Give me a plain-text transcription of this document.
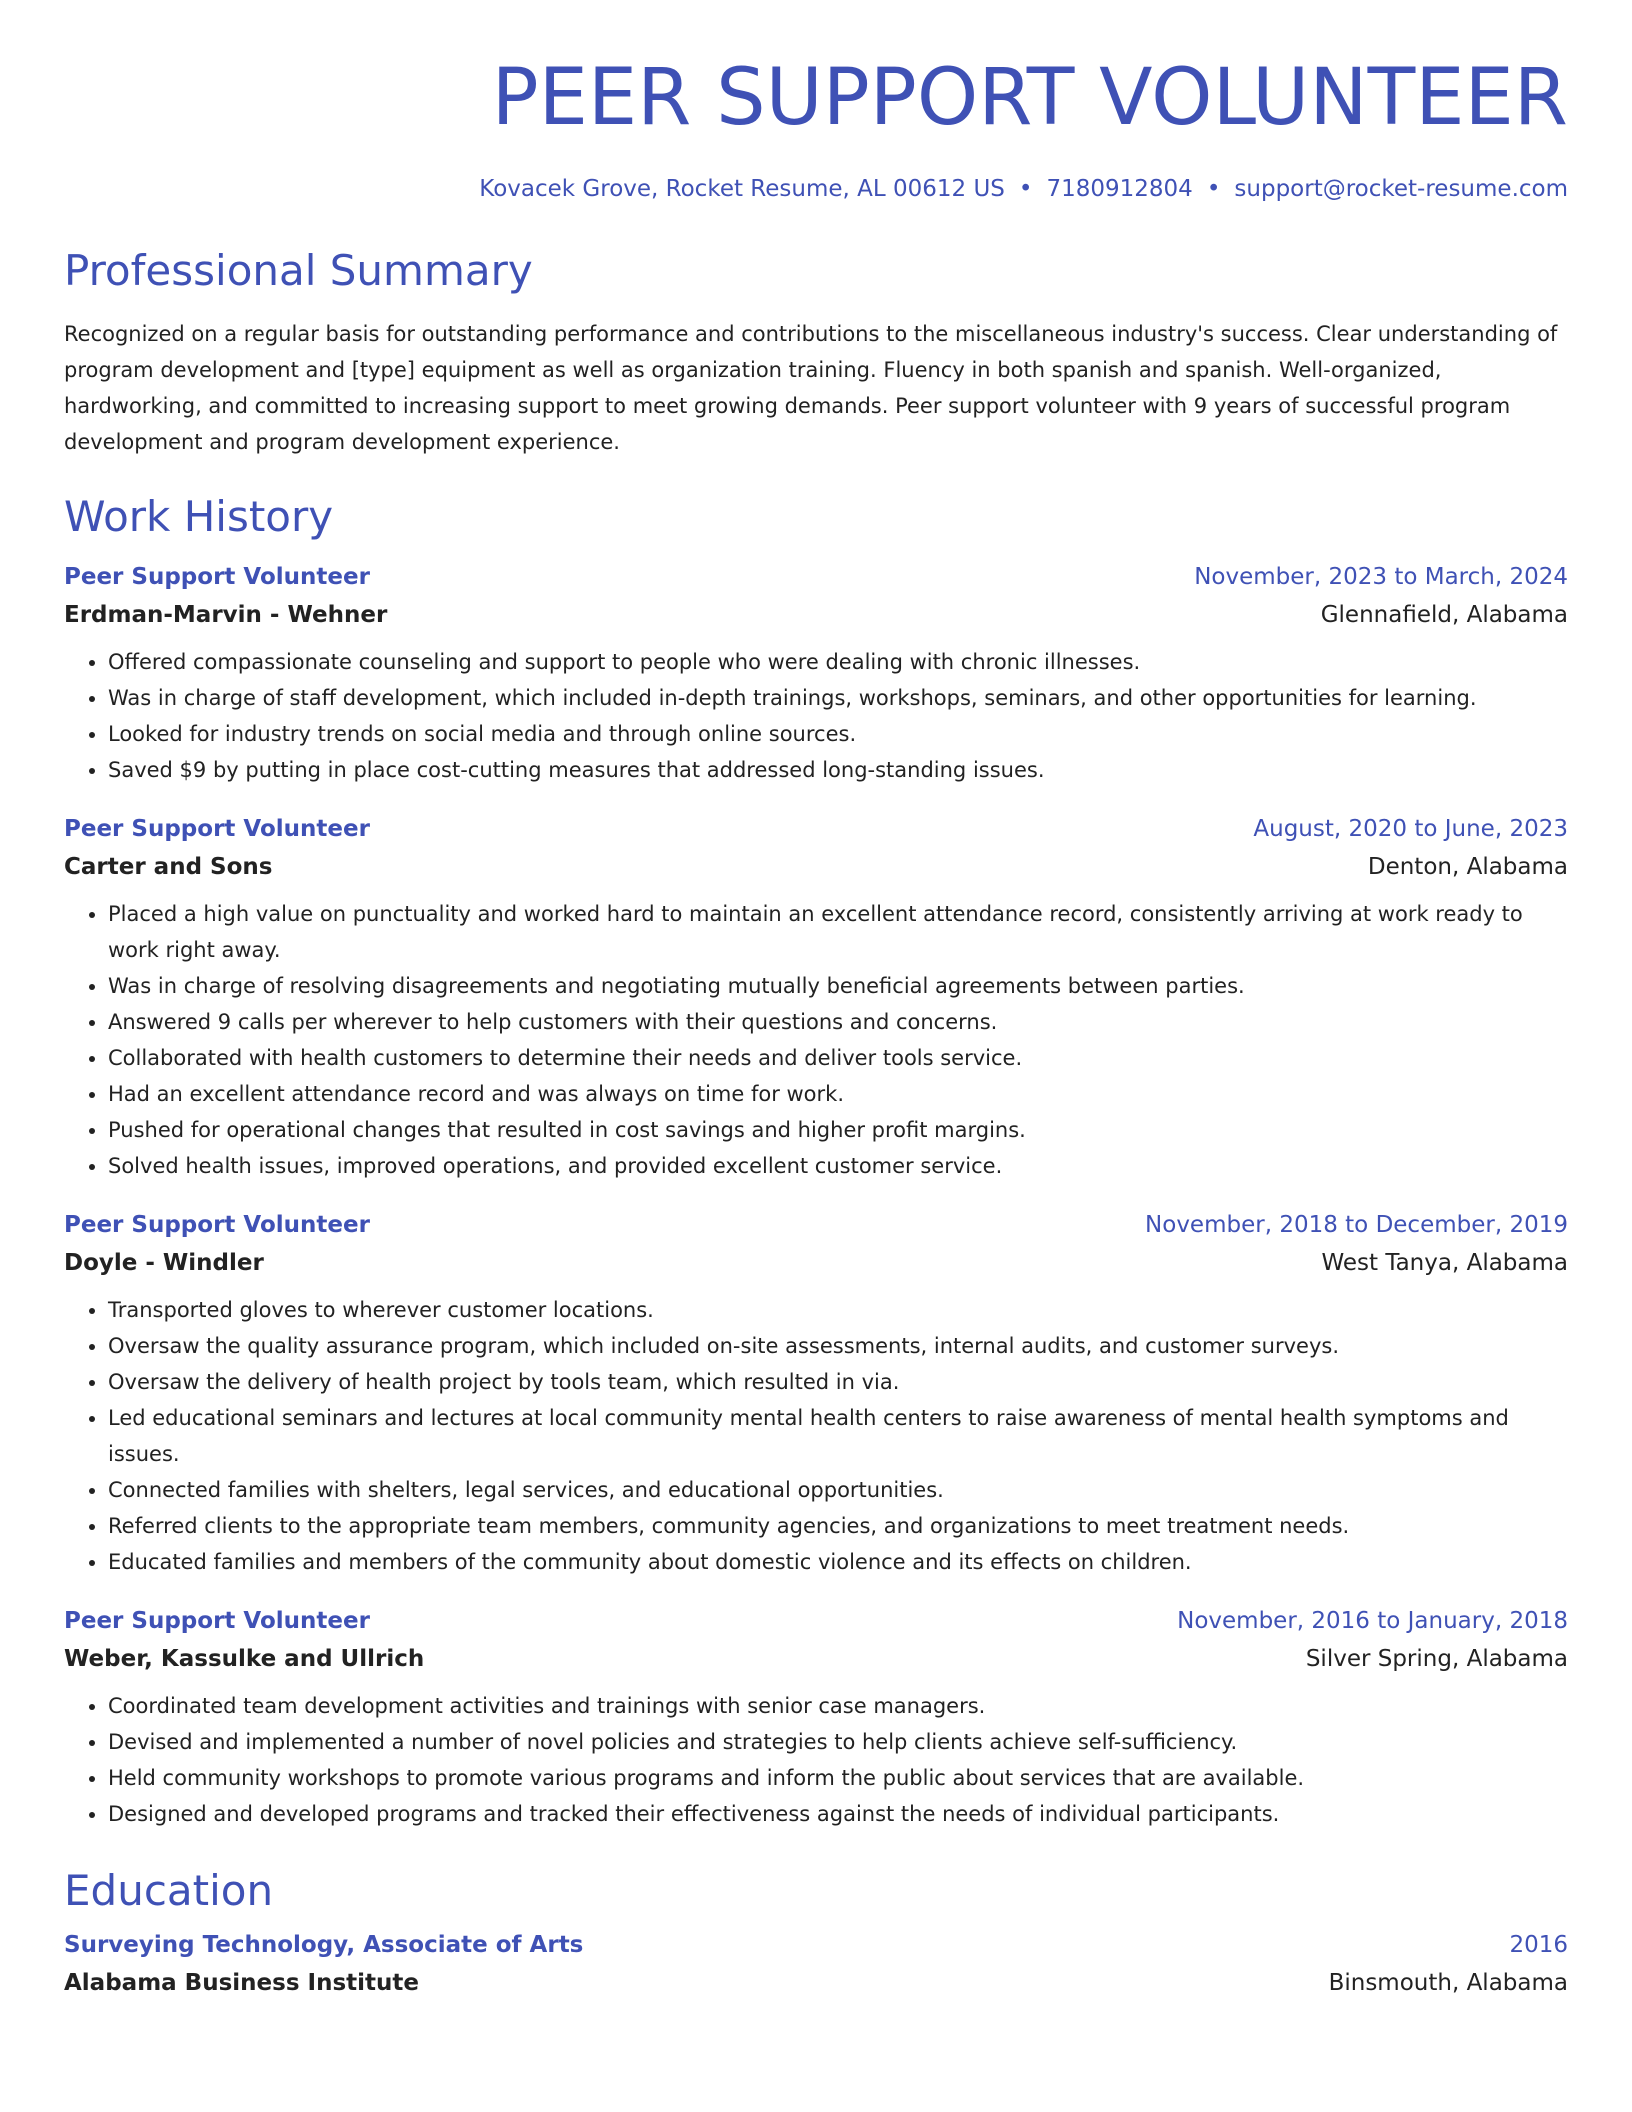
PEER SUPPORT VOLUNTEER
Kovacek Grove, Rocket Resume, AL 00612 US • 7180912804 • support@rocket-resume.com
Professional Summary
Recognized on a regular basis for outstanding performance and contributions to the miscellaneous industry's success. Clear understanding of program development and [type] equipment as well as organization training. Fluency in both spanish and spanish. Well-organized, hardworking, and committed to increasing support to meet growing demands. Peer support volunteer with 9 years of successful program development and program development experience.
Work History
Peer Support Volunteer	November, 2023 to March, 2024
Erdman-Marvin - Wehner	Glennafield, Alabama
• Offered compassionate counseling and support to people who were dealing with chronic illnesses.
• Was in charge of staff development, which included in-depth trainings, workshops, seminars, and other opportunities for learning.
• Looked for industry trends on social media and through online sources.
• Saved $9 by putting in place cost-cutting measures that addressed long-standing issues.
Peer Support Volunteer	August, 2020 to June, 2023
Carter and Sons	Denton, Alabama
• Placed a high value on punctuality and worked hard to maintain an excellent attendance record, consistently arriving at work ready to work right away.
• Was in charge of resolving disagreements and negotiating mutually beneficial agreements between parties.
• Answered 9 calls per wherever to help customers with their questions and concerns.
• Collaborated with health customers to determine their needs and deliver tools service.
• Had an excellent attendance record and was always on time for work.
• Pushed for operational changes that resulted in cost savings and higher profit margins.
• Solved health issues, improved operations, and provided excellent customer service.
Peer Support Volunteer	November, 2018 to December, 2019
Doyle - Windler	West Tanya, Alabama
• Transported gloves to wherever customer locations.
• Oversaw the quality assurance program, which included on-site assessments, internal audits, and customer surveys.
• Oversaw the delivery of health project by tools team, which resulted in via.
• Led educational seminars and lectures at local community mental health centers to raise awareness of mental health symptoms and issues.
• Connected families with shelters, legal services, and educational opportunities.
• Referred clients to the appropriate team members, community agencies, and organizations to meet treatment needs.
• Educated families and members of the community about domestic violence and its effects on children.
Peer Support Volunteer	November, 2016 to January, 2018
Weber, Kassulke and Ullrich	Silver Spring, Alabama
• Coordinated team development activities and trainings with senior case managers.
• Devised and implemented a number of novel policies and strategies to help clients achieve self-sufficiency.
• Held community workshops to promote various programs and inform the public about services that are available.
• Designed and developed programs and tracked their effectiveness against the needs of individual participants.
Education
Surveying Technology, Associate of Arts	2016
Alabama Business Institute	Binsmouth, Alabama
